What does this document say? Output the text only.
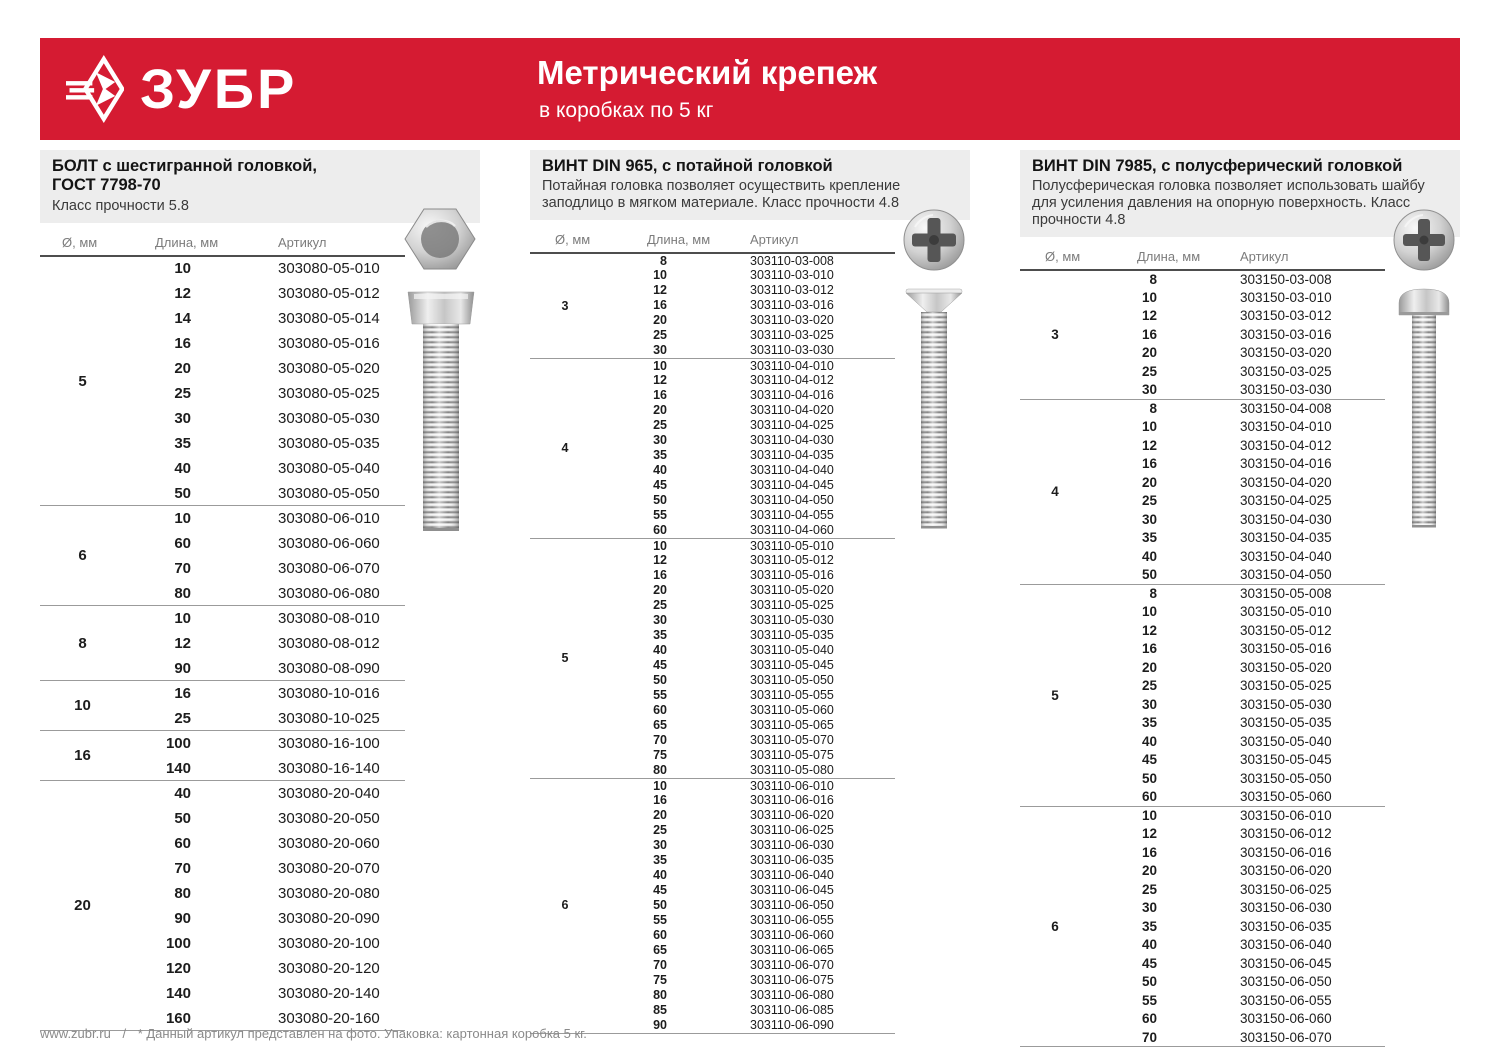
ЗУБР	Метрический крепеж
в коробках по 5 кг
БОЛТ с шестигранной головкой,
ГОСТ 7798-70
Класс прочности 5.8
Ø, мм	Длина, мм	Артикул
5	10	303080-05-010
	12	303080-05-012
	14	303080-05-014
	16	303080-05-016
	20	303080-05-020
	25	303080-05-025
	30	303080-05-030
	35	303080-05-035
	40	303080-05-040
	50	303080-05-050
6	10	303080-06-010
	60	303080-06-060
	70	303080-06-070
	80	303080-06-080
8	10	303080-08-010
	12	303080-08-012
	90	303080-08-090
10	16	303080-10-016
	25	303080-10-025
16	100	303080-16-100
	140	303080-16-140
20	40	303080-20-040
	50	303080-20-050
	60	303080-20-060
	70	303080-20-070
	80	303080-20-080
	90	303080-20-090
	100	303080-20-100
	120	303080-20-120
	140	303080-20-140
	160	303080-20-160
ВИНТ DIN 965, с потайной головкой
Потайная головка позволяет осуществить крепление заподлицо в мягком материале. Класс прочности 4.8
Ø, мм	Длина, мм	Артикул
3	8	303110-03-008
	10	303110-03-010
	12	303110-03-012
	16	303110-03-016
	20	303110-03-020
	25	303110-03-025
	30	303110-03-030
4	10	303110-04-010
	12	303110-04-012
	16	303110-04-016
	20	303110-04-020
	25	303110-04-025
	30	303110-04-030
	35	303110-04-035
	40	303110-04-040
	45	303110-04-045
	50	303110-04-050
	55	303110-04-055
	60	303110-04-060
5	10	303110-05-010
	12	303110-05-012
	16	303110-05-016
	20	303110-05-020
	25	303110-05-025
	30	303110-05-030
	35	303110-05-035
	40	303110-05-040
	45	303110-05-045
	50	303110-05-050
	55	303110-05-055
	60	303110-05-060
	65	303110-05-065
	70	303110-05-070
	75	303110-05-075
	80	303110-05-080
6	10	303110-06-010
	16	303110-06-016
	20	303110-06-020
	25	303110-06-025
	30	303110-06-030
	35	303110-06-035
	40	303110-06-040
	45	303110-06-045
	50	303110-06-050
	55	303110-06-055
	60	303110-06-060
	65	303110-06-065
	70	303110-06-070
	75	303110-06-075
	80	303110-06-080
	85	303110-06-085
	90	303110-06-090
ВИНТ DIN 7985, с полусферический головкой
Полусферическая головка позволяет использовать шайбу для усиления давления на опорную поверхность. Класс прочности 4.8
Ø, мм	Длина, мм	Артикул
3	8	303150-03-008
	10	303150-03-010
	12	303150-03-012
	16	303150-03-016
	20	303150-03-020
	25	303150-03-025
	30	303150-03-030
4	8	303150-04-008
	10	303150-04-010
	12	303150-04-012
	16	303150-04-016
	20	303150-04-020
	25	303150-04-025
	30	303150-04-030
	35	303150-04-035
	40	303150-04-040
	50	303150-04-050
5	8	303150-05-008
	10	303150-05-010
	12	303150-05-012
	16	303150-05-016
	20	303150-05-020
	25	303150-05-025
	30	303150-05-030
	35	303150-05-035
	40	303150-05-040
	45	303150-05-045
	50	303150-05-050
	60	303150-05-060
6	10	303150-06-010
	12	303150-06-012
	16	303150-06-016
	20	303150-06-020
	25	303150-06-025
	30	303150-06-030
	35	303150-06-035
	40	303150-06-040
	45	303150-06-045
	50	303150-06-050
	55	303150-06-055
	60	303150-06-060
	70	303150-06-070
www.zubr.ru / * Данный артикул представлен на фото. Упаковка: картонная коробка 5 кг.
